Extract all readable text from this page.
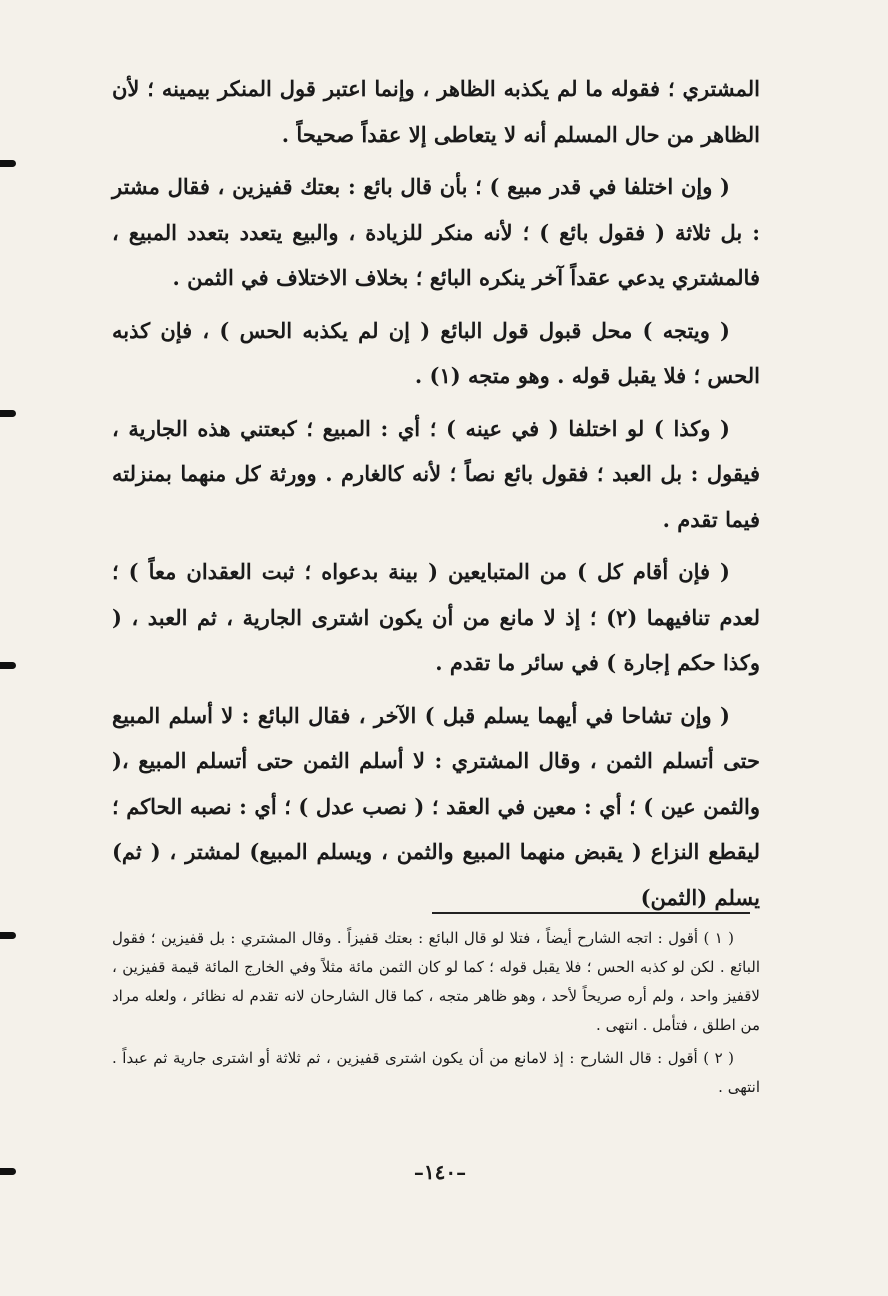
المشتري ؛ فقوله ما لم يكذبه الظاهر ، وإنما اعتبر قول المنكر بيمينه ؛ لأن الظاهر من حال المسلم أنه لا يتعاطى إلا عقداً صحيحاً .

( وإن اختلفا في قدر مبيع ) ؛ بأن قال بائع : بعتك قفيزين ، فقال مشتر : بل ثلاثة ( فقول بائع ) ؛ لأنه منكر للزيادة ، والبيع يتعدد بتعدد المبيع ، فالمشتري يدعي عقداً آخر ينكره البائع ؛ بخلاف الاختلاف في الثمن .

( ويتجه ) محل قبول قول البائع ( إن لم يكذبه الحس ) ، فإن كذبه الحس ؛ فلا يقبل قوله . وهو متجه (١) .

( وكذا ) لو اختلفا ( في عينه ) ؛ أي : المبيع ؛ كبعتني هذه الجارية ، فيقول : بل العبد ؛ فقول بائع نصاً ؛ لأنه كالغارم . وورثة كل منهما بمنزلته فيما تقدم .

( فإن أقام كل ) من المتبايعين ( بينة بدعواه ؛ ثبت العقدان معاً ) ؛ لعدم تنافيهما (٢) ؛ إذ لا مانع من أن يكون اشترى الجارية ، ثم العبد ، ( وكذا حكم إجارة ) في سائر ما تقدم .

( وإن تشاحا في أيهما يسلم قبل ) الآخر ، فقال البائع : لا أسلم المبيع حتى أتسلم الثمن ، وقال المشتري : لا أسلم الثمن حتى أتسلم المبيع ،( والثمن عين ) ؛ أي : معين في العقد ؛ ( نصب عدل ) ؛ أي : نصبه الحاكم ؛ ليقطع النزاع ( يقبض منهما المبيع والثمن ، ويسلم المبيع) لمشتر ، ( ثم) يسلم (الثمن)

( ١ ) أقول : اتجه الشارح أيضاً ، فتلا لو قال البائع : بعتك قفيزاً . وقال المشتري : بل قفيزين ؛ فقول البائع . لكن لو كذبه الحس ؛ فلا يقبل قوله ؛ كما لو كان الثمن مائة مثلاً وفي الخارج المائة قيمة قفيزين ، لاقفيز واحد ، ولم أره صريحاً لأحد ، وهو ظاهر متجه ، كما قال الشارحان لانه تقدم له نظائر ، ولعله مراد من اطلق ، فتأمل . انتهى .

( ٢ ) أقول : قال الشارح : إذ لامانع من أن يكون اشترى قفيزين ، ثم ثلاثة أو اشترى جارية ثم عبداً . انتهى .

–١٤٠–
